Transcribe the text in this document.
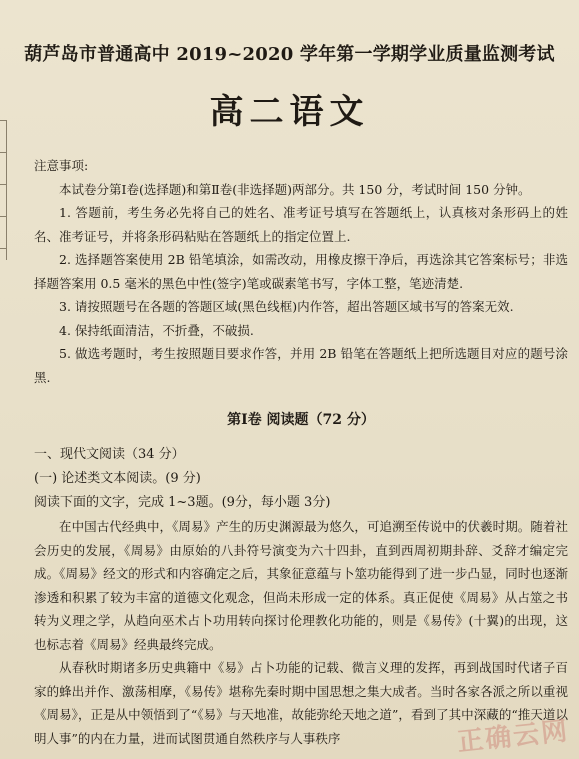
葫芦岛市普通高中 2019~2020 学年第一学期学业质量监测考试
高二语文
注意事项:

本试卷分第Ⅰ卷(选择题)和第Ⅱ卷(非选择题)两部分。共 150 分，考试时间 150 分钟。

1. 答题前，考生务必先将自己的姓名、准考证号填写在答题纸上，认真核对条形码上的姓名、准考证号，并将条形码粘贴在答题纸上的指定位置上.

2. 选择题答案使用 2B 铅笔填涂，如需改动，用橡皮擦干净后，再选涂其它答案标号；非选择题答案用 0.5 毫米的黑色中性(签字)笔或碳素笔书写，字体工整，笔迹清楚.

3. 请按照题号在各题的答题区域(黑色线框)内作答，超出答题区域书写的答案无效.

4. 保持纸面清洁，不折叠，不破损.

5. 做选考题时，考生按照题目要求作答，并用 2B 铅笔在答题纸上把所选题目对应的题号涂黑.

第Ⅰ卷 阅读题（72 分）
一、现代文阅读（34 分）
(一) 论述类文本阅读。(9 分)
阅读下面的文字，完成 1~3题。(9分，每小题 3分)

在中国古代经典中，《周易》产生的历史渊源最为悠久，可追溯至传说中的伏羲时期。随着社会历史的发展，《周易》由原始的八卦符号演变为六十四卦，直到西周初期卦辞、爻辞才编定完成。《周易》经文的形式和内容确定之后，其象征意蕴与卜筮功能得到了进一步凸显，同时也逐渐渗透和积累了较为丰富的道德文化观念，但尚未形成一定的体系。真正促使《周易》从占筮之书转为义理之学，从趋向巫术占卜功用转向探讨伦理教化功能的，则是《易传》(十翼)的出现，这也标志着《周易》经典最终完成。

从春秋时期诸多历史典籍中《易》占卜功能的记载、微言义理的发挥，再到战国时代诸子百家的蜂出并作、激荡相摩，《易传》堪称先秦时期中国思想之集大成者。当时各家各派之所以重视《周易》，正是从中领悟到了“《易》与天地准，故能弥纶天地之道”，看到了其中深藏的“推天道以明人事”的内在力量，进而试图贯通自然秩序与人事秩序	正确云网
